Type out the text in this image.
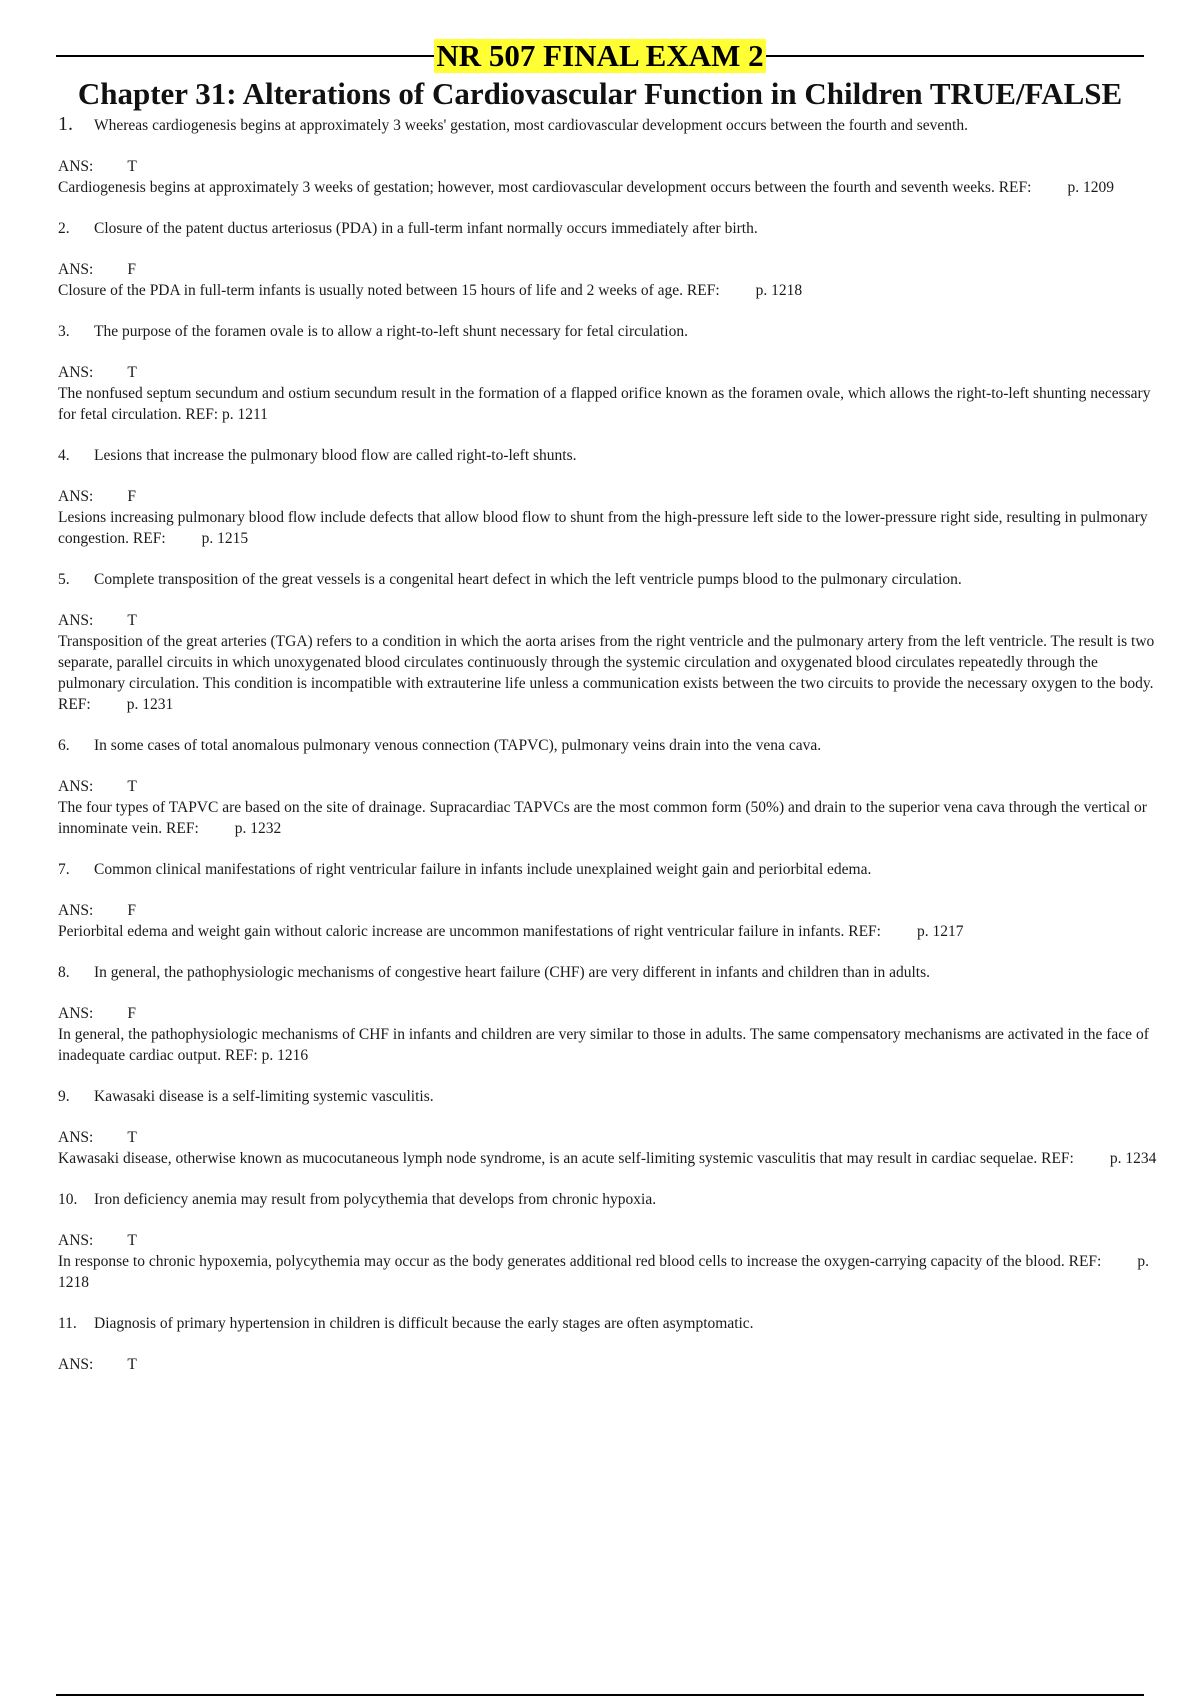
NR 507 FINAL EXAM 2
Chapter 31: Alterations of Cardiovascular Function in Children TRUE/FALSE
1.	Whereas cardiogenesis begins at approximately 3 weeks' gestation, most cardiovascular development occurs between the fourth and seventh.
ANS: T
Cardiogenesis begins at approximately 3 weeks of gestation; however, most cardiovascular development occurs between the fourth and seventh weeks. REF: p. 1209
2.	Closure of the patent ductus arteriosus (PDA) in a full-term infant normally occurs immediately after birth.
ANS: F
Closure of the PDA in full-term infants is usually noted between 15 hours of life and 2 weeks of age. REF: p. 1218
3.	The purpose of the foramen ovale is to allow a right-to-left shunt necessary for fetal circulation.
ANS: T
The nonfused septum secundum and ostium secundum result in the formation of a flapped orifice known as the foramen ovale, which allows the right-to-left shunting necessary for fetal circulation. REF: p. 1211
4.	Lesions that increase the pulmonary blood flow are called right-to-left shunts.
ANS: F
Lesions increasing pulmonary blood flow include defects that allow blood flow to shunt from the high-pressure left side to the lower-pressure right side, resulting in pulmonary congestion. REF: p. 1215
5.	Complete transposition of the great vessels is a congenital heart defect in which the left ventricle pumps blood to the pulmonary circulation.
ANS: T
Transposition of the great arteries (TGA) refers to a condition in which the aorta arises from the right ventricle and the pulmonary artery from the left ventricle. The result is two separate, parallel circuits in which unoxygenated blood circulates continuously through the systemic circulation and oxygenated blood circulates repeatedly through the pulmonary circulation. This condition is incompatible with extrauterine life unless a communication exists between the two circuits to provide the necessary oxygen to the body. REF: p. 1231
6.	In some cases of total anomalous pulmonary venous connection (TAPVC), pulmonary veins drain into the vena cava.
ANS: T
The four types of TAPVC are based on the site of drainage. Supracardiac TAPVCs are the most common form (50%) and drain to the superior vena cava through the vertical or innominate vein. REF: p. 1232
7.	Common clinical manifestations of right ventricular failure in infants include unexplained weight gain and periorbital edema.
ANS: F
Periorbital edema and weight gain without caloric increase are uncommon manifestations of right ventricular failure in infants. REF: p. 1217
8.	In general, the pathophysiologic mechanisms of congestive heart failure (CHF) are very different in infants and children than in adults.
ANS: F
In general, the pathophysiologic mechanisms of CHF in infants and children are very similar to those in adults. The same compensatory mechanisms are activated in the face of inadequate cardiac output. REF: p. 1216
9.	Kawasaki disease is a self-limiting systemic vasculitis.
ANS: T
Kawasaki disease, otherwise known as mucocutaneous lymph node syndrome, is an acute self-limiting systemic vasculitis that may result in cardiac sequelae. REF: p. 1234
10.	Iron deficiency anemia may result from polycythemia that develops from chronic hypoxia.
ANS: T
In response to chronic hypoxemia, polycythemia may occur as the body generates additional red blood cells to increase the oxygen-carrying capacity of the blood. REF: p. 1218
11.	Diagnosis of primary hypertension in children is difficult because the early stages are often asymptomatic.
ANS: T
